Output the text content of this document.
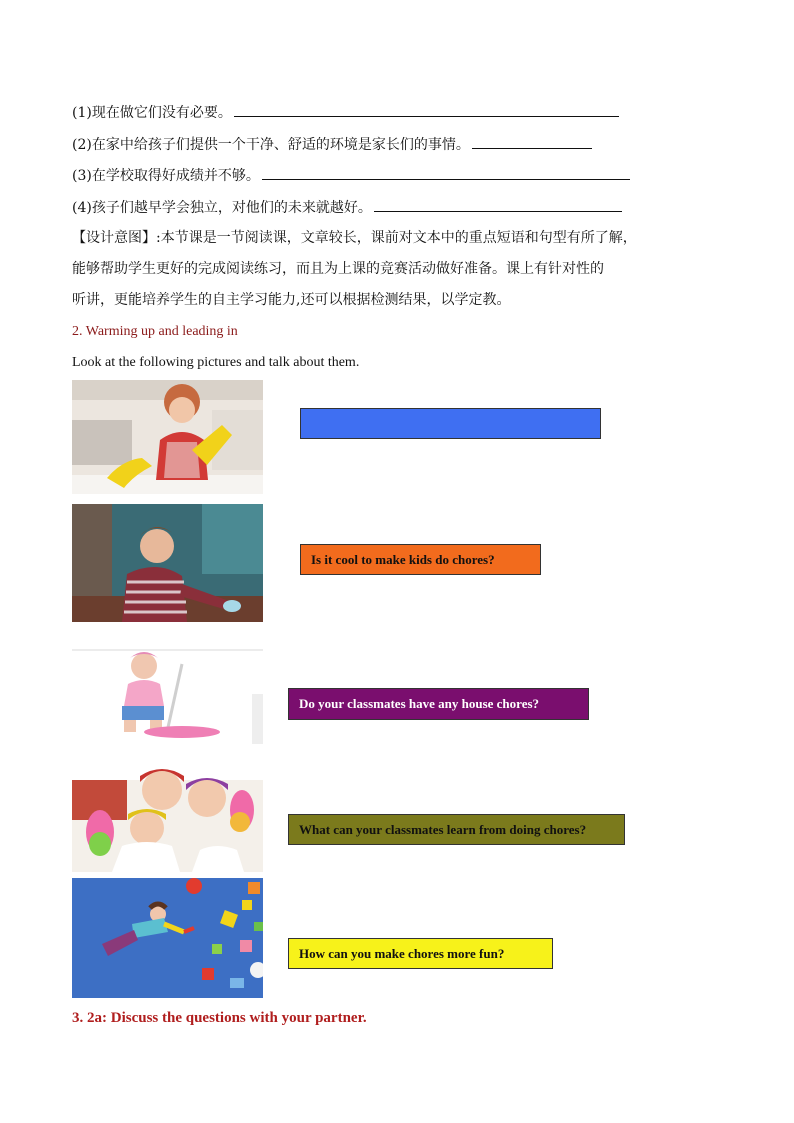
(1)现在做它们没有必要。
(2)在家中给孩子们提供一个干净、舒适的环境是家长们的事情。
(3)在学校取得好成绩并不够。
(4)孩子们越早学会独立，对他们的未来就越好。
【设计意图】:本节课是一节阅读课，文章较长，课前对文本中的重点短语和句型有所了解，
能够帮助学生更好的完成阅读练习，而且为上课的竞赛活动做好准备。课上有针对性的
听讲，更能培养学生的自主学习能力,还可以根据检测结果，以学定教。
2. Warming up and leading in
Look at the following pictures and talk about them.
Is it cool to make kids do chores?
Do your classmates have any house chores?
What can your classmates learn from doing chores?
How can you make chores more fun?
3. 2a: Discuss the questions with your partner.
